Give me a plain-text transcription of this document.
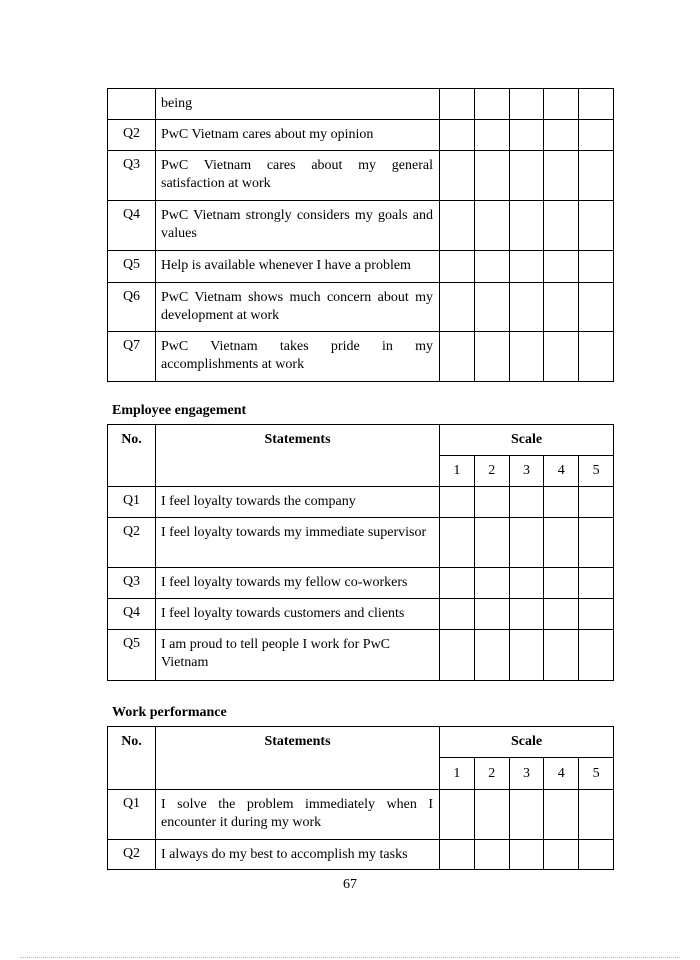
	being					
Q2	PwC Vietnam cares about my opinion					
Q3	PwC Vietnam cares about my general satisfaction at work					
Q4	PwC Vietnam strongly considers my goals and values					
Q5	Help is available whenever I have a problem					
Q6	PwC Vietnam shows much concern about my development at work					
Q7	PwC Vietnam takes pride in my accomplishments at work					
Employee engagement
No.	Statements	Scale				
		1	2	3	4	5
Q1	I feel loyalty towards the company					
Q2	I feel loyalty towards my immediate supervisor					
Q3	I feel loyalty towards my fellow co-workers					
Q4	I feel loyalty towards customers and clients					
Q5	I am proud to tell people I work for PwC Vietnam					
Work performance
No.	Statements	Scale				
		1	2	3	4	5
Q1	I solve the problem immediately when I encounter it during my work					
Q2	I always do my best to accomplish my tasks					
67
